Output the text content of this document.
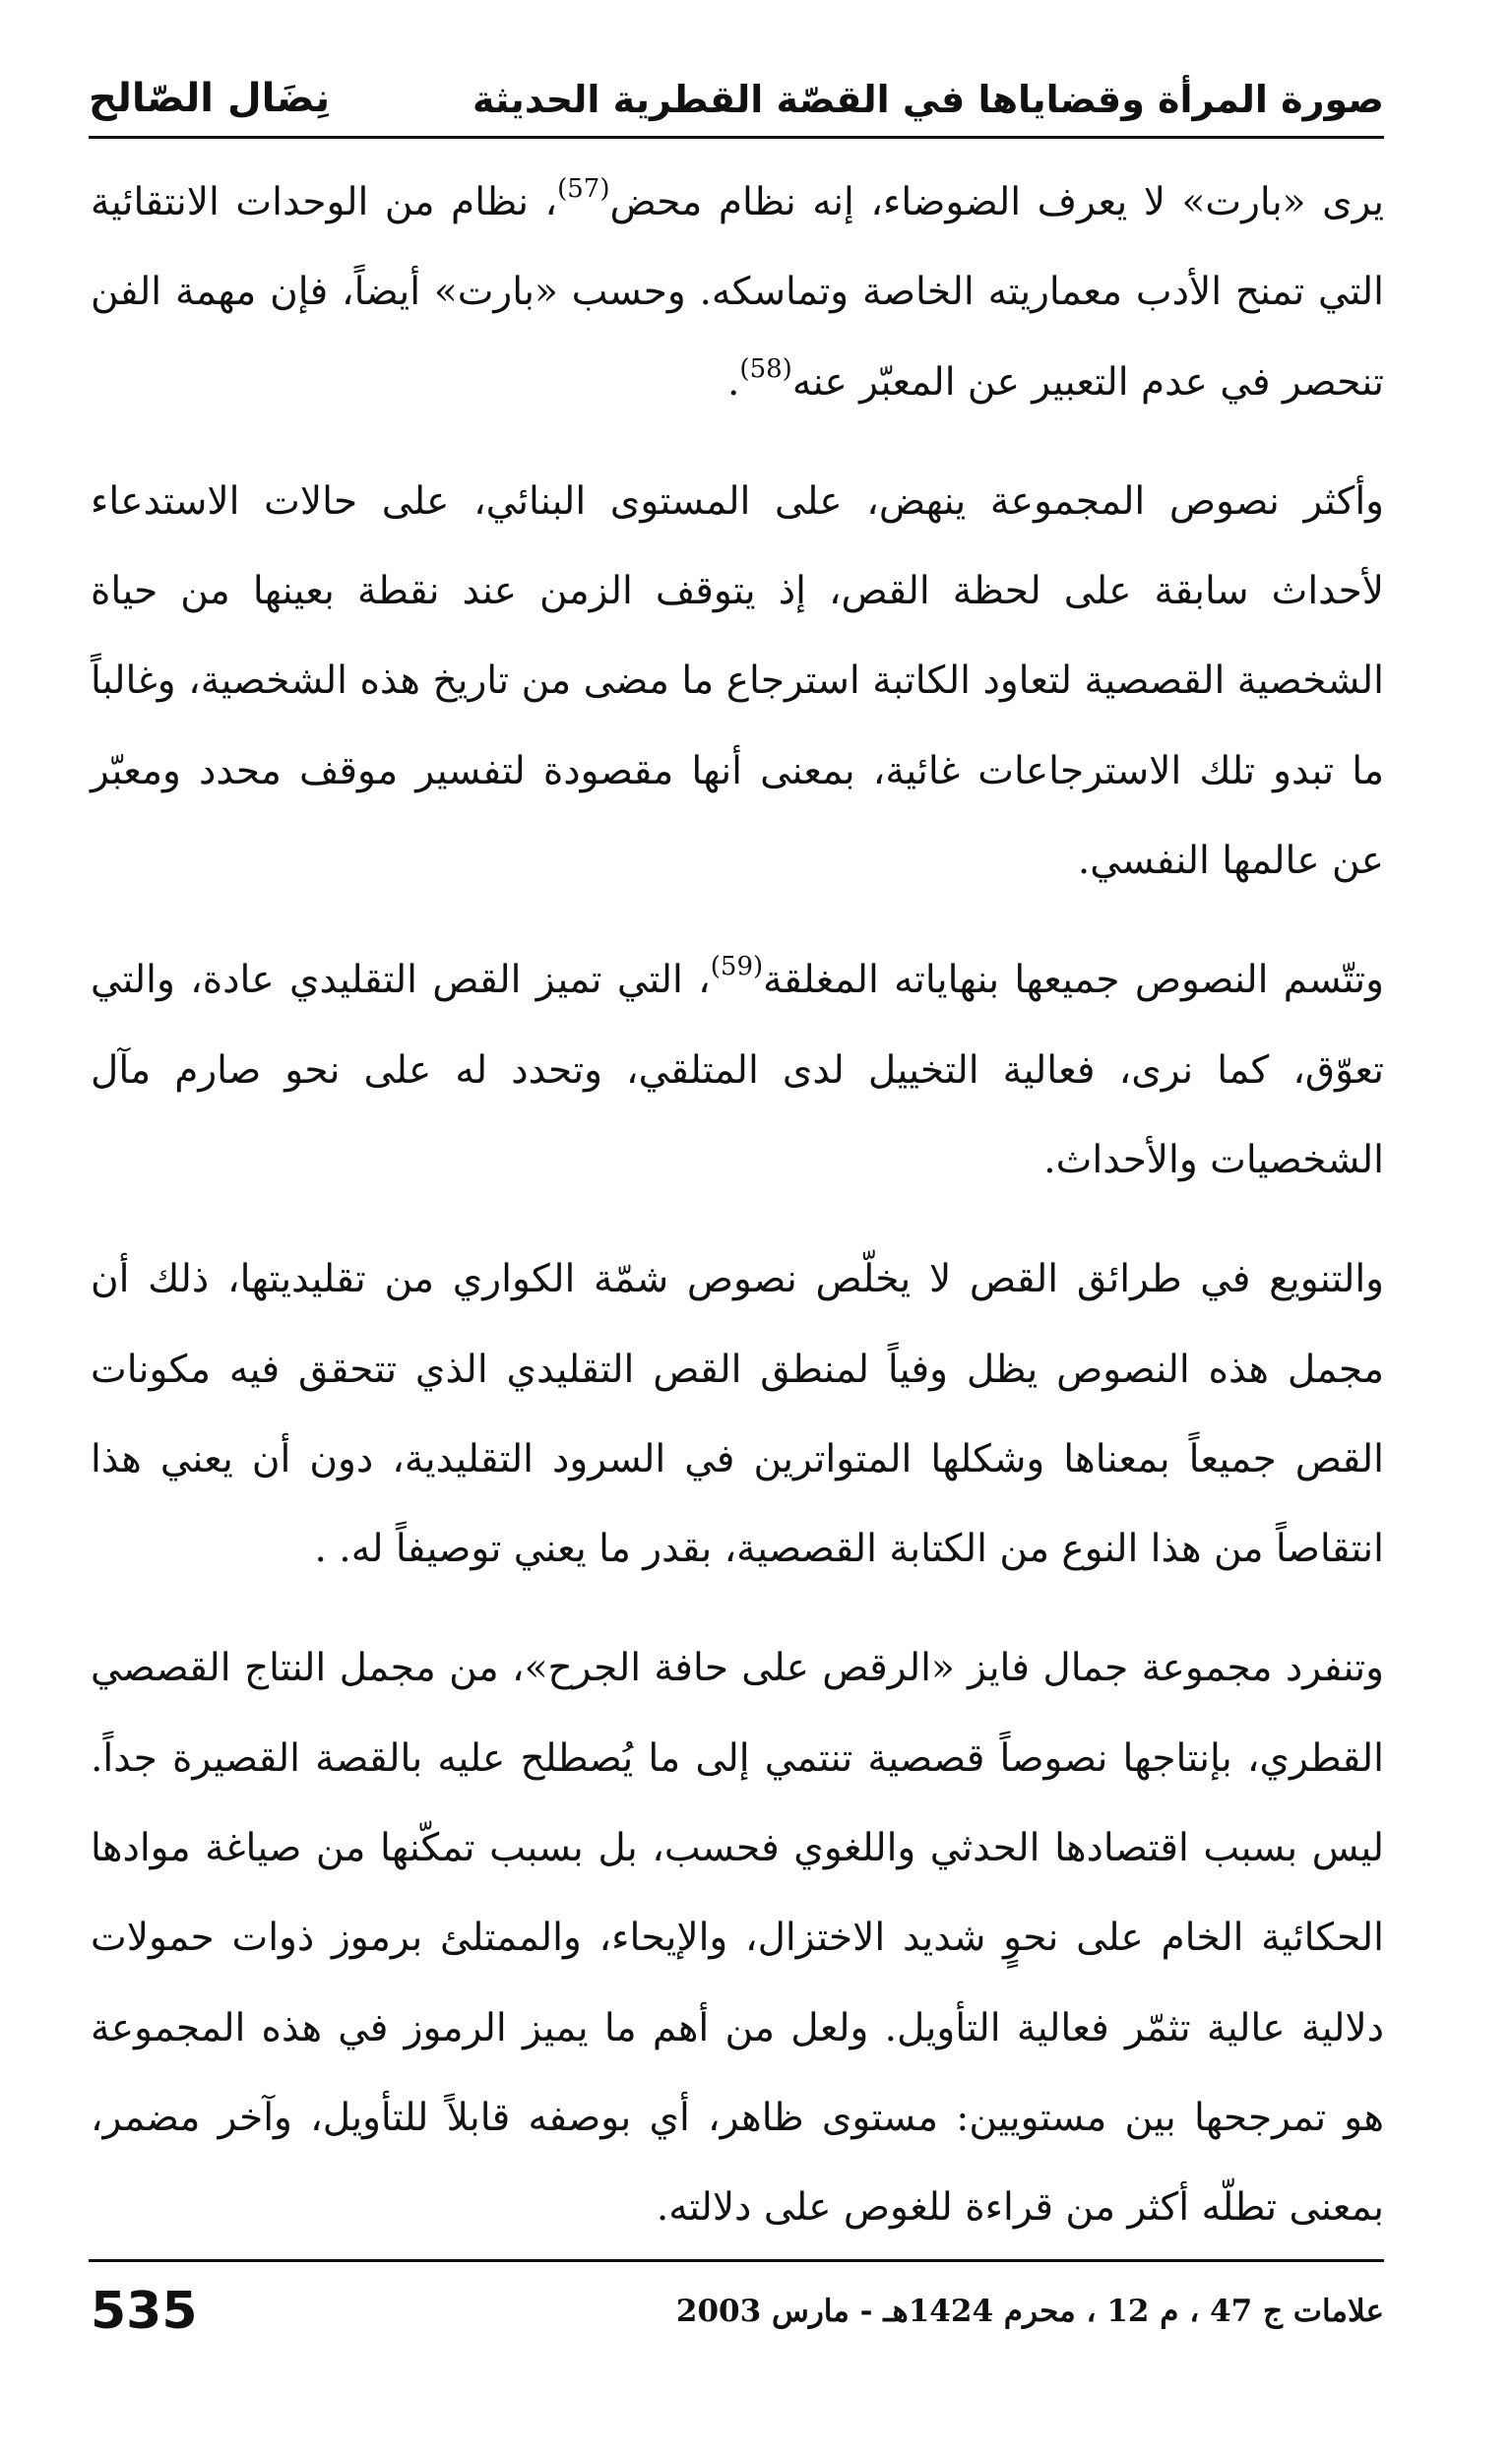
صورة المرأة وقضاياها في القصّة القطرية الحديثة
نِضَال الصّالح

يرى «بارت» لا يعرف الضوضاء، إنه نظام محض$^{(57)}$، نظام من الوحدات الانتقائية التي تمنح الأدب معماريته الخاصة وتماسكه. وحسب «بارت» أيضاً، فإن مهمة الفن تنحصر في عدم التعبير عن المعبّر عنه$^{(58)}$.

وأكثر نصوص المجموعة ينهض، على المستوى البنائي، على حالات الاستدعاء لأحداث سابقة على لحظة القص، إذ يتوقف الزمن عند نقطة بعينها من حياة الشخصية القصصية لتعاود الكاتبة استرجاع ما مضى من تاريخ هذه الشخصية، وغالباً ما تبدو تلك الاسترجاعات غائية، بمعنى أنها مقصودة لتفسير موقف محدد ومعبّر عن عالمها النفسي.

وتتّسم النصوص جميعها بنهاياته المغلقة$^{(59)}$، التي تميز القص التقليدي عادة، والتي تعوّق، كما نرى، فعالية التخييل لدى المتلقي، وتحدد له على نحو صارم مآل الشخصيات والأحداث.

والتنويع في طرائق القص لا يخلّص نصوص شمّة الكواري من تقليديتها، ذلك أن مجمل هذه النصوص يظل وفياً لمنطق القص التقليدي الذي تتحقق فيه مكونات القص جميعاً بمعناها وشكلها المتواترين في السرود التقليدية، دون أن يعني هذا انتقاصاً من هذا النوع من الكتابة القصصية، بقدر ما يعني توصيفاً له. .

وتنفرد مجموعة جمال فايز «الرقص على حافة الجرح»، من مجمل النتاج القصصي القطري، بإنتاجها نصوصاً قصصية تنتمي إلى ما يُصطلح عليه بالقصة القصيرة جداً. ليس بسبب اقتصادها الحدثي واللغوي فحسب، بل بسبب تمكّنها من صياغة موادها الحكائية الخام على نحوٍ شديد الاختزال، والإيحاء، والممتلئ برموز ذوات حمولات دلالية عالية تثمّر فعالية التأويل. ولعل من أهم ما يميز الرموز في هذه المجموعة هو تمرجحها بين مستويين: مستوى ظاهر، أي بوصفه قابلاً للتأويل، وآخر مضمر، بمعنى تطلّه أكثر من قراءة للغوص على دلالته.

علامات ج 47 ، م 12 ، محرم 1424هـ - مارس 2003
535
